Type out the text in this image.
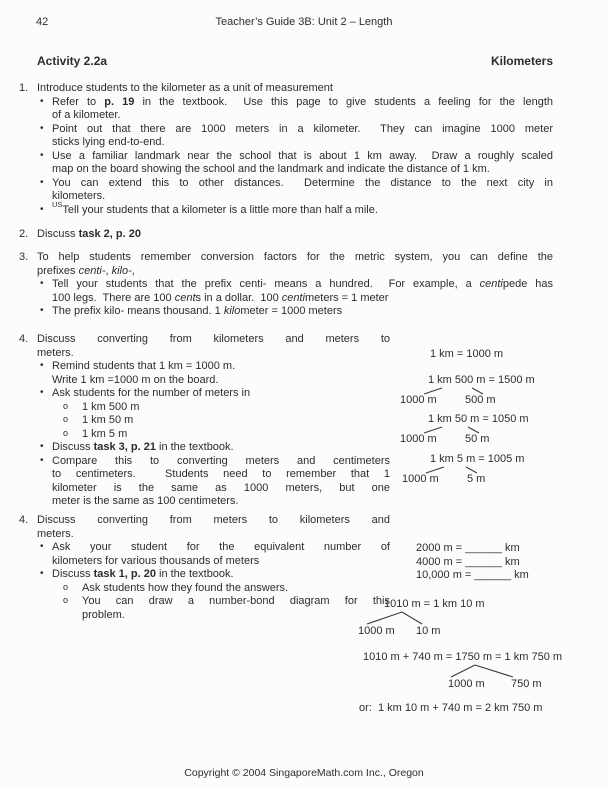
42	Teacher’s Guide 3B: Unit 2 – Length
Activity 2.2a	Kilometers
1. Introduce students to the kilometer as a unit of measurement
• Refer to p. 19 in the textbook.  Use this page to give students a feeling for the length
of a kilometer.
• Point out that there are 1000 meters in a kilometer.  They can imagine 1000 meter
sticks lying end-to-end.
• Use a familiar landmark near the school that is about 1 km away.  Draw a roughly scaled
map on the board showing the school and the landmark and indicate the distance of 1 km.
• You can extend this to other distances.  Determine the distance to the next city in
kilometers.
• $^{US}$Tell your students that a kilometer is a little more than half a mile.
2. Discuss task 2, p. 20
3. To help students remember conversion factors for the metric system, you can define the
prefixes centi-, kilo-,
• Tell your students that the prefix centi- means a hundred.  For example, a centipede has
100 legs.  There are 100 cents in a dollar.  100 centimeters = 1 meter
• The prefix kilo- means thousand. 1 kilometer = 1000 meters
4. Discuss converting from kilometers and meters to
meters.
• Remind students that 1 km = 1000 m.
Write 1 km =1000 m on the board.
• Ask students for the number of meters in
o 1 km 500 m
o 1 km 50 m
o 1 km 5 m
• Discuss task 3, p. 21 in the textbook.
• Compare this to converting meters and centimeters
to centimeters.  Students need to remember that 1
kilometer is the same as 1000 meters, but one
meter is the same as 100 centimeters.
4. Discuss converting from meters to kilometers and
meters.
• Ask your student for the equivalent number of
kilometers for various thousands of meters
• Discuss task 1, p. 20 in the textbook.
o Ask students how they found the answers.
o You can draw a number-bond diagram for this
problem.
1 km = 1000 m
1 km 500 m = 1500 m
1000 m	500 m
1 km 50 m = 1050 m
1000 m	50 m
1 km 5 m = 1005 m
1000 m	5 m
2000 m = ______ km
4000 m = ______ km
10,000 m = ______ km
1010 m = 1 km 10 m
1000 m 10 m
1010 m + 740 m = 1750 m = 1 km 750 m
1000 m 750 m
or:  1 km 10 m + 740 m = 2 km 750 m
Copyright © 2004 SingaporeMath.com Inc., Oregon
